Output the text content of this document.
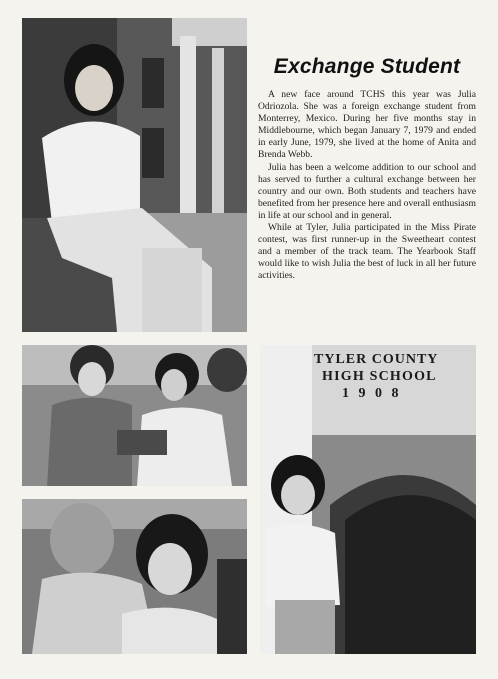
Exchange Student

A new face around TCHS this year was Julia Odriozola. She was a foreign exchange student from Monterrey, Mexico. During her five months stay in Middlebourne, which began January 7, 1979 and ended in early June, 1979, she lived at the home of Anita and Brenda Webb.

Julia has been a welcome addition to our school and has served to further a cultural exchange between her country and our own. Both students and teachers have benefited from her presence here and overall enthusiasm in life at our school and in general.

While at Tyler, Julia participated in the Miss Pirate contest, was first runner-up in the Sweetheart contest and a member of the track team. The Yearbook Staff would like to wish Julia the best of luck in all her future activities.

TYLER COUNTY
HIGH SCHOOL
1 9 0 8
